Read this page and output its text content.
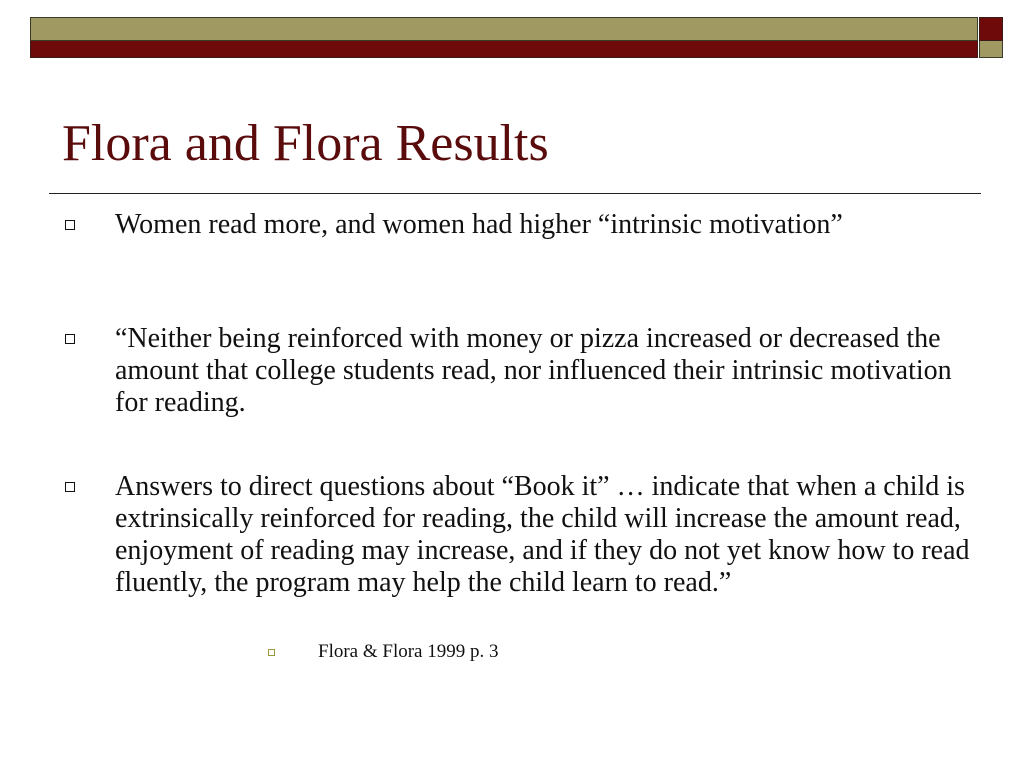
Flora and Flora Results
Women read more, and women had higher “intrinsic motivation”
“Neither being reinforced with money or pizza increased or decreased the amount that college students read, nor influenced their intrinsic motivation for reading.
Answers to direct questions about “Book it” … indicate that when a child is extrinsically reinforced for reading, the child will increase the amount read, enjoyment of reading may increase, and if they do not yet know how to read fluently, the program may help the child learn to read.”
Flora & Flora 1999 p. 3
